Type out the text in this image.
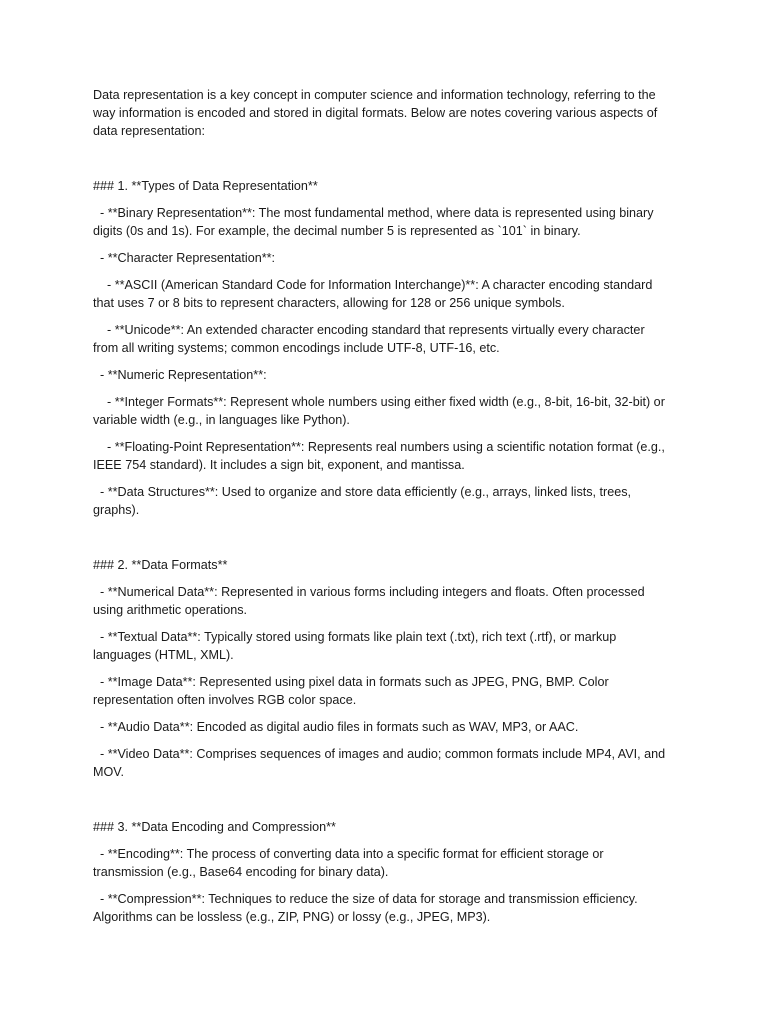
Data representation is a key concept in computer science and information technology, referring to the way information is encoded and stored in digital formats. Below are notes covering various aspects of data representation:

### 1. **Types of Data Representation**

- **Binary Representation**: The most fundamental method, where data is represented using binary digits (0s and 1s). For example, the decimal number 5 is represented as `101` in binary.

- **Character Representation**:

- **ASCII (American Standard Code for Information Interchange)**: A character encoding standard that uses 7 or 8 bits to represent characters, allowing for 128 or 256 unique symbols.

- **Unicode**: An extended character encoding standard that represents virtually every character from all writing systems; common encodings include UTF-8, UTF-16, etc.

- **Numeric Representation**:

- **Integer Formats**: Represent whole numbers using either fixed width (e.g., 8-bit, 16-bit, 32-bit) or variable width (e.g., in languages like Python).

- **Floating-Point Representation**: Represents real numbers using a scientific notation format (e.g., IEEE 754 standard). It includes a sign bit, exponent, and mantissa.

- **Data Structures**: Used to organize and store data efficiently (e.g., arrays, linked lists, trees, graphs).

### 2. **Data Formats**

- **Numerical Data**: Represented in various forms including integers and floats. Often processed using arithmetic operations.

- **Textual Data**: Typically stored using formats like plain text (.txt), rich text (.rtf), or markup languages (HTML, XML).

- **Image Data**: Represented using pixel data in formats such as JPEG, PNG, BMP. Color representation often involves RGB color space.

- **Audio Data**: Encoded as digital audio files in formats such as WAV, MP3, or AAC.

- **Video Data**: Comprises sequences of images and audio; common formats include MP4, AVI, and MOV.

### 3. **Data Encoding and Compression**

- **Encoding**: The process of converting data into a specific format for efficient storage or transmission (e.g., Base64 encoding for binary data).

- **Compression**: Techniques to reduce the size of data for storage and transmission efficiency. Algorithms can be lossless (e.g., ZIP, PNG) or lossy (e.g., JPEG, MP3).
